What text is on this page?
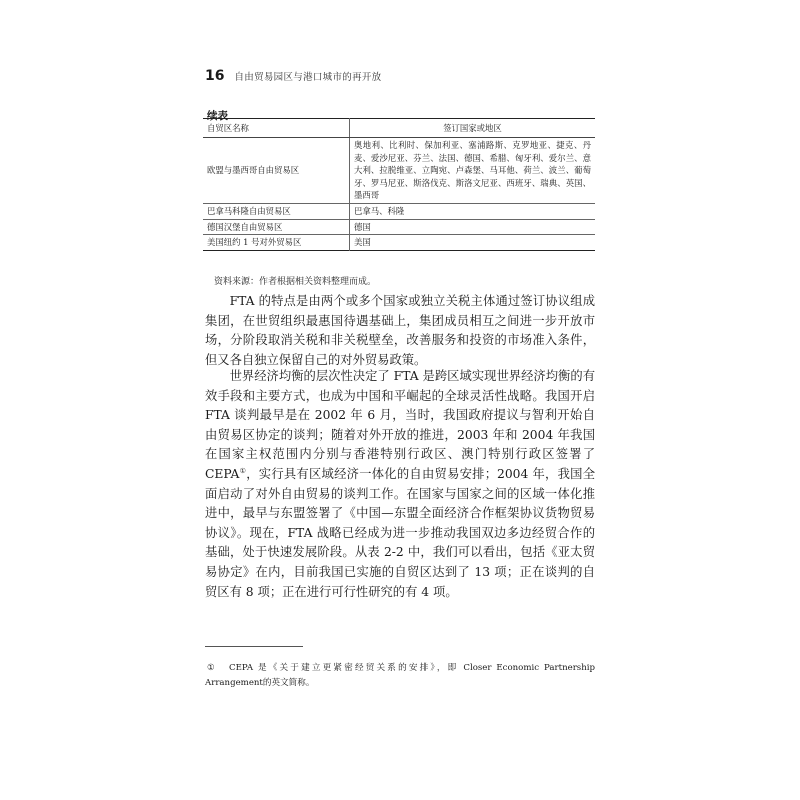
16 自由贸易园区与港口城市的再开放
续表
自贸区名称	签订国家或地区
欧盟与墨西哥自由贸易区	奥地利、比利时、保加利亚、塞浦路斯、克罗地亚、捷克、丹麦、爱沙尼亚、芬兰、法国、德国、希腊、匈牙利、爱尔兰、意大利、拉脱维亚、立陶宛、卢森堡、马耳他、荷兰、波兰、葡萄牙、罗马尼亚、斯洛伐克、斯洛文尼亚、西班牙、瑞典、英国、墨西哥
巴拿马科隆自由贸易区	巴拿马、科隆
德国汉堡自由贸易区	德国
美国纽约 1 号对外贸易区	美国
资料来源：作者根据相关资料整理而成。

FTA 的特点是由两个或多个国家或独立关税主体通过签订协议组成集团，在世贸组织最惠国待遇基础上，集团成员相互之间进一步开放市场，分阶段取消关税和非关税壁垒，改善服务和投资的市场准入条件，但又各自独立保留自己的对外贸易政策。

世界经济均衡的层次性决定了 FTA 是跨区域实现世界经济均衡的有效手段和主要方式，也成为中国和平崛起的全球灵活性战略。我国开启 FTA 谈判最早是在 2002 年 6 月，当时，我国政府提议与智利开始自由贸易区协定的谈判；随着对外开放的推进，2003 年和 2004 年我国在国家主权范围内分别与香港特别行政区、澳门特别行政区签署了 CEPA①，实行具有区域经济一体化的自由贸易安排；2004 年，我国全面启动了对外自由贸易的谈判工作。在国家与国家之间的区域一体化推进中，最早与东盟签署了《中国—东盟全面经济合作框架协议货物贸易协议》。现在，FTA 战略已经成为进一步推动我国双边多边经贸合作的基础，处于快速发展阶段。从表 2-2 中，我们可以看出，包括《亚太贸易协定》在内，目前我国已实施的自贸区达到了 13 项；正在谈判的自贸区有 8 项；正在进行可行性研究的有 4 项。

① CEPA 是《关于建立更紧密经贸关系的安排》，即 Closer Economic Partnership Arrangement的英文简称。
